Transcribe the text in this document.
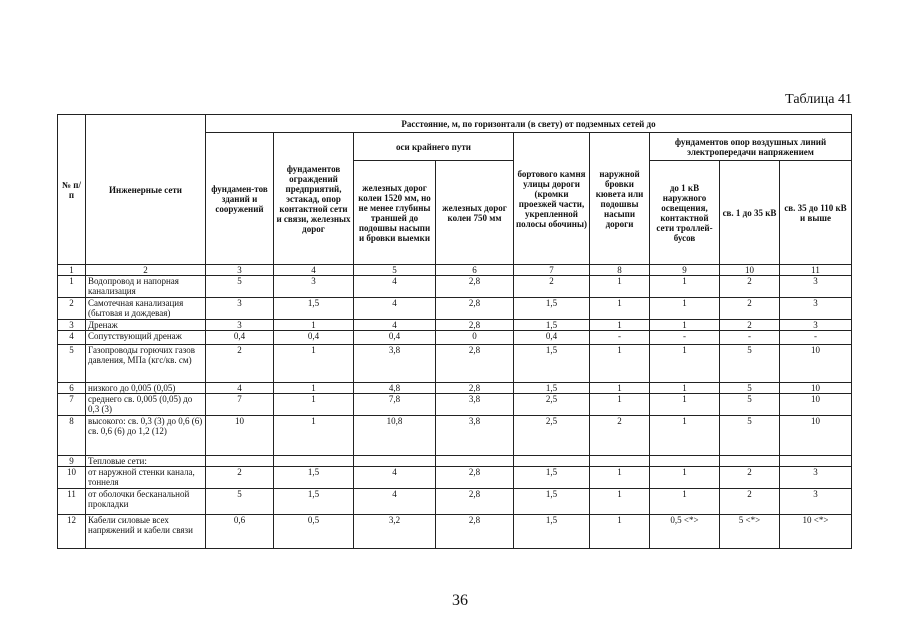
Таблица 41
№ п/п	Инженерные сети	Расстояние, м, по горизонтали (в свету) от подземных сетей до								
		фундамен-тов зданий и сооружений	фундаментов ограждений предприятий, эстакад, опор контактной сети и связи, железных дорог	оси крайнего пути		бортового камня улицы дороги (кромки проезжей части, укрепленной полосы обочины)	наружной бровки кювета или подошвы насыпи дороги	фундаментов опор воздушных линий электропередачи напряжением		
				железных дорог колеи 1520 мм, но не менее глубины траншей до подошвы насыпи и бровки выемки	железных дорог колеи 750 мм			до 1 кВ наружного освещения, контактной сети троллей-бусов	св. 1 до 35 кВ	св. 35 до 110 кВ и выше

1	2	3	4	5	6	7	8	9	10	11
1	Водопровод и напорная канализация	5	3	4	2,8	2	1	1	2	3
2	Самотечная канализация (бытовая и дождевая)	3	1,5	4	2,8	1,5	1	1	2	3
3	Дренаж	3	1	4	2,8	1,5	1	1	2	3
4	Сопутствующий дренаж	0,4	0,4	0,4	0	0,4	-	-	-	-
5	Газопроводы горючих газов давления, МПа (кгс/кв. см)	2	1	3,8	2,8	1,5	1	1	5	10
6	низкого до 0,005 (0,05)	4	1	4,8	2,8	1,5	1	1	5	10
7	среднего св. 0,005 (0,05) до 0,3 (3)	7	1	7,8	3,8	2,5	1	1	5	10
8	высокого: св. 0,3 (3) до 0,6 (6) св. 0,6 (6) до 1,2 (12)	10	1	10,8	3,8	2,5	2	1	5	10
9	Тепловые сети:									
10	от наружной стенки канала, тоннеля	2	1,5	4	2,8	1,5	1	1	2	3
11	от оболочки бесканальной прокладки	5	1,5	4	2,8	1,5	1	1	2	3
12	Кабели силовые всех напряжений и кабели связи	0,6	0,5	3,2	2,8	1,5	1	0,5 <*>	5 <*>	10 <*>
36
